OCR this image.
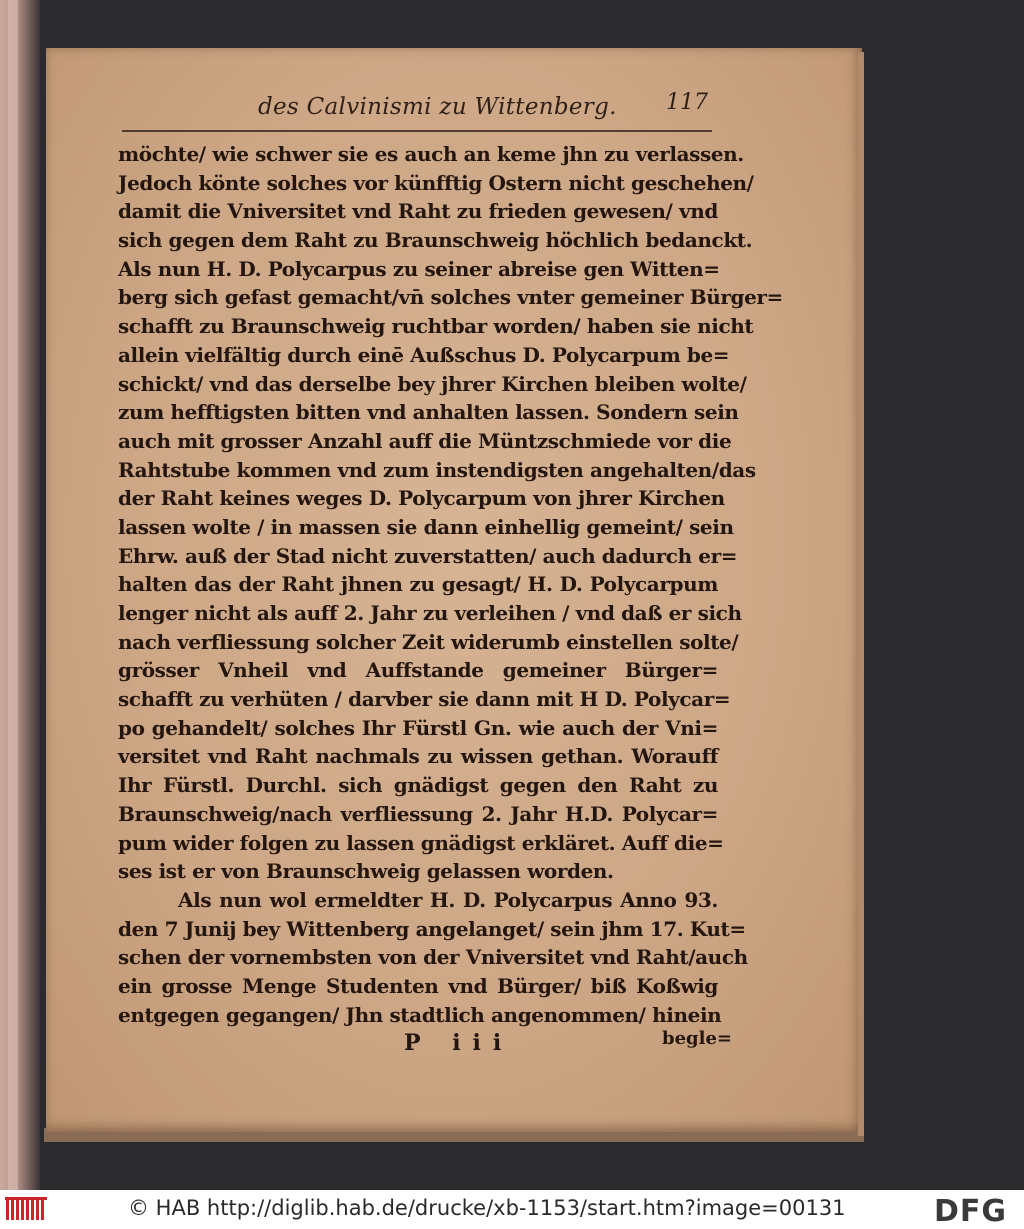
des Calvinismi zu Wittenberg. 117
möchte/ wie schwer sie es auch an keme jhn zu verlassen.
Jedoch könte solches vor künfftig Ostern nicht geschehen/
damit die Vniversitet vnd Raht zu frieden gewesen/ vnd
sich gegen dem Raht zu Braunschweig höchlich bedanckt.
Als nun H. D. Polycarpus zu seiner abreise gen Witten=
berg sich gefast gemacht/vn̄ solches vnter gemeiner Bürger=
schafft zu Braunschweig ruchtbar worden/ haben sie nicht
allein vielfältig durch einē Außschus D. Polycarpum be=
schickt/ vnd das derselbe bey jhrer Kirchen bleiben wolte/
zum hefftigsten bitten vnd anhalten lassen. Sondern sein
auch mit grosser Anzahl auff die Müntzschmiede vor die
Rahtstube kommen vnd zum instendigsten angehalten/das
der Raht keines weges D. Polycarpum von jhrer Kirchen
lassen wolte / in massen sie dann einhellig gemeint/ sein
Ehrw. auß der Stad nicht zuverstatten/ auch dadurch er=
halten das der Raht jhnen zu gesagt/ H. D. Polycarpum
lenger nicht als auff 2. Jahr zu verleihen / vnd daß er sich
nach verfliessung solcher Zeit widerumb einstellen solte/
grösser Vnheil vnd Auffstande gemeiner Bürger=
schafft zu verhüten / darvber sie dann mit H D. Polycar=
po gehandelt/ solches Ihr Fürstl Gn. wie auch der Vni=
versitet vnd Raht nachmals zu wissen gethan. Worauff
Ihr Fürstl. Durchl. sich gnädigst gegen den Raht zu
Braunschweig/nach verfliessung 2. Jahr H.D. Polycar=
pum wider folgen zu lassen gnädigst erkläret. Auff die=
ses ist er von Braunschweig gelassen worden.
Als nun wol ermeldter H. D. Polycarpus Anno 93.
den 7 Junij bey Wittenberg angelanget/ sein jhm 17. Kut=
schen der vornembsten von der Vniversitet vnd Raht/auch
ein grosse Menge Studenten vnd Bürger/ biß Koßwig
entgegen gegangen/ Jhn stadtlich angenommen/ hinein
P iii	begle=
© HAB http://diglib.hab.de/drucke/xb-1153/start.htm?image=00131	DFG
